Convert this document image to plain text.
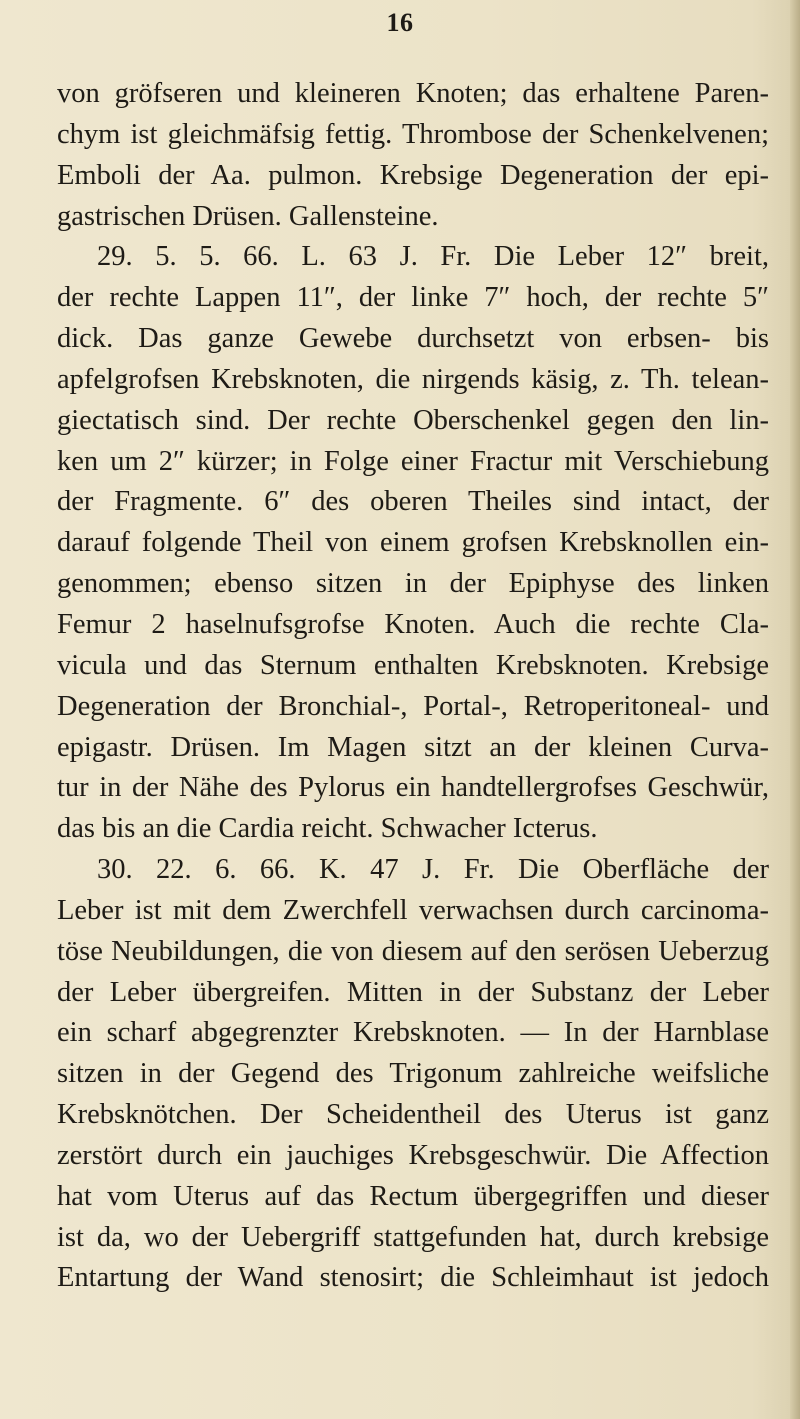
16
von gröfseren und kleineren Knoten; das erhaltene Paren-
chym ist gleichmäfsig fettig. Thrombose der Schenkelvenen;
Emboli der Aa. pulmon. Krebsige Degeneration der epi-
gastrischen Drüsen. Gallensteine.
29. 5. 5. 66. L. 63 J. Fr. Die Leber 12″ breit,
der rechte Lappen 11″, der linke 7″ hoch, der rechte 5″
dick. Das ganze Gewebe durchsetzt von erbsen- bis
apfelgrofsen Krebsknoten, die nirgends käsig, z. Th. telean-
giectatisch sind. Der rechte Oberschenkel gegen den lin-
ken um 2″ kürzer; in Folge einer Fractur mit Verschiebung
der Fragmente. 6″ des oberen Theiles sind intact, der
darauf folgende Theil von einem grofsen Krebsknollen ein-
genommen; ebenso sitzen in der Epiphyse des linken
Femur 2 haselnufsgrofse Knoten. Auch die rechte Cla-
vicula und das Sternum enthalten Krebsknoten. Krebsige
Degeneration der Bronchial-, Portal-, Retroperitoneal- und
epigastr. Drüsen. Im Magen sitzt an der kleinen Curva-
tur in der Nähe des Pylorus ein handtellergrofses Geschwür,
das bis an die Cardia reicht. Schwacher Icterus.
30. 22. 6. 66. K. 47 J. Fr. Die Oberfläche der
Leber ist mit dem Zwerchfell verwachsen durch carcinoma-
töse Neubildungen, die von diesem auf den serösen Ueberzug
der Leber übergreifen. Mitten in der Substanz der Leber
ein scharf abgegrenzter Krebsknoten. — In der Harnblase
sitzen in der Gegend des Trigonum zahlreiche weifsliche
Krebsknötchen. Der Scheidentheil des Uterus ist ganz
zerstört durch ein jauchiges Krebsgeschwür. Die Affection
hat vom Uterus auf das Rectum übergegriffen und dieser
ist da, wo der Uebergriff stattgefunden hat, durch krebsige
Entartung der Wand stenosirt; die Schleimhaut ist jedoch
